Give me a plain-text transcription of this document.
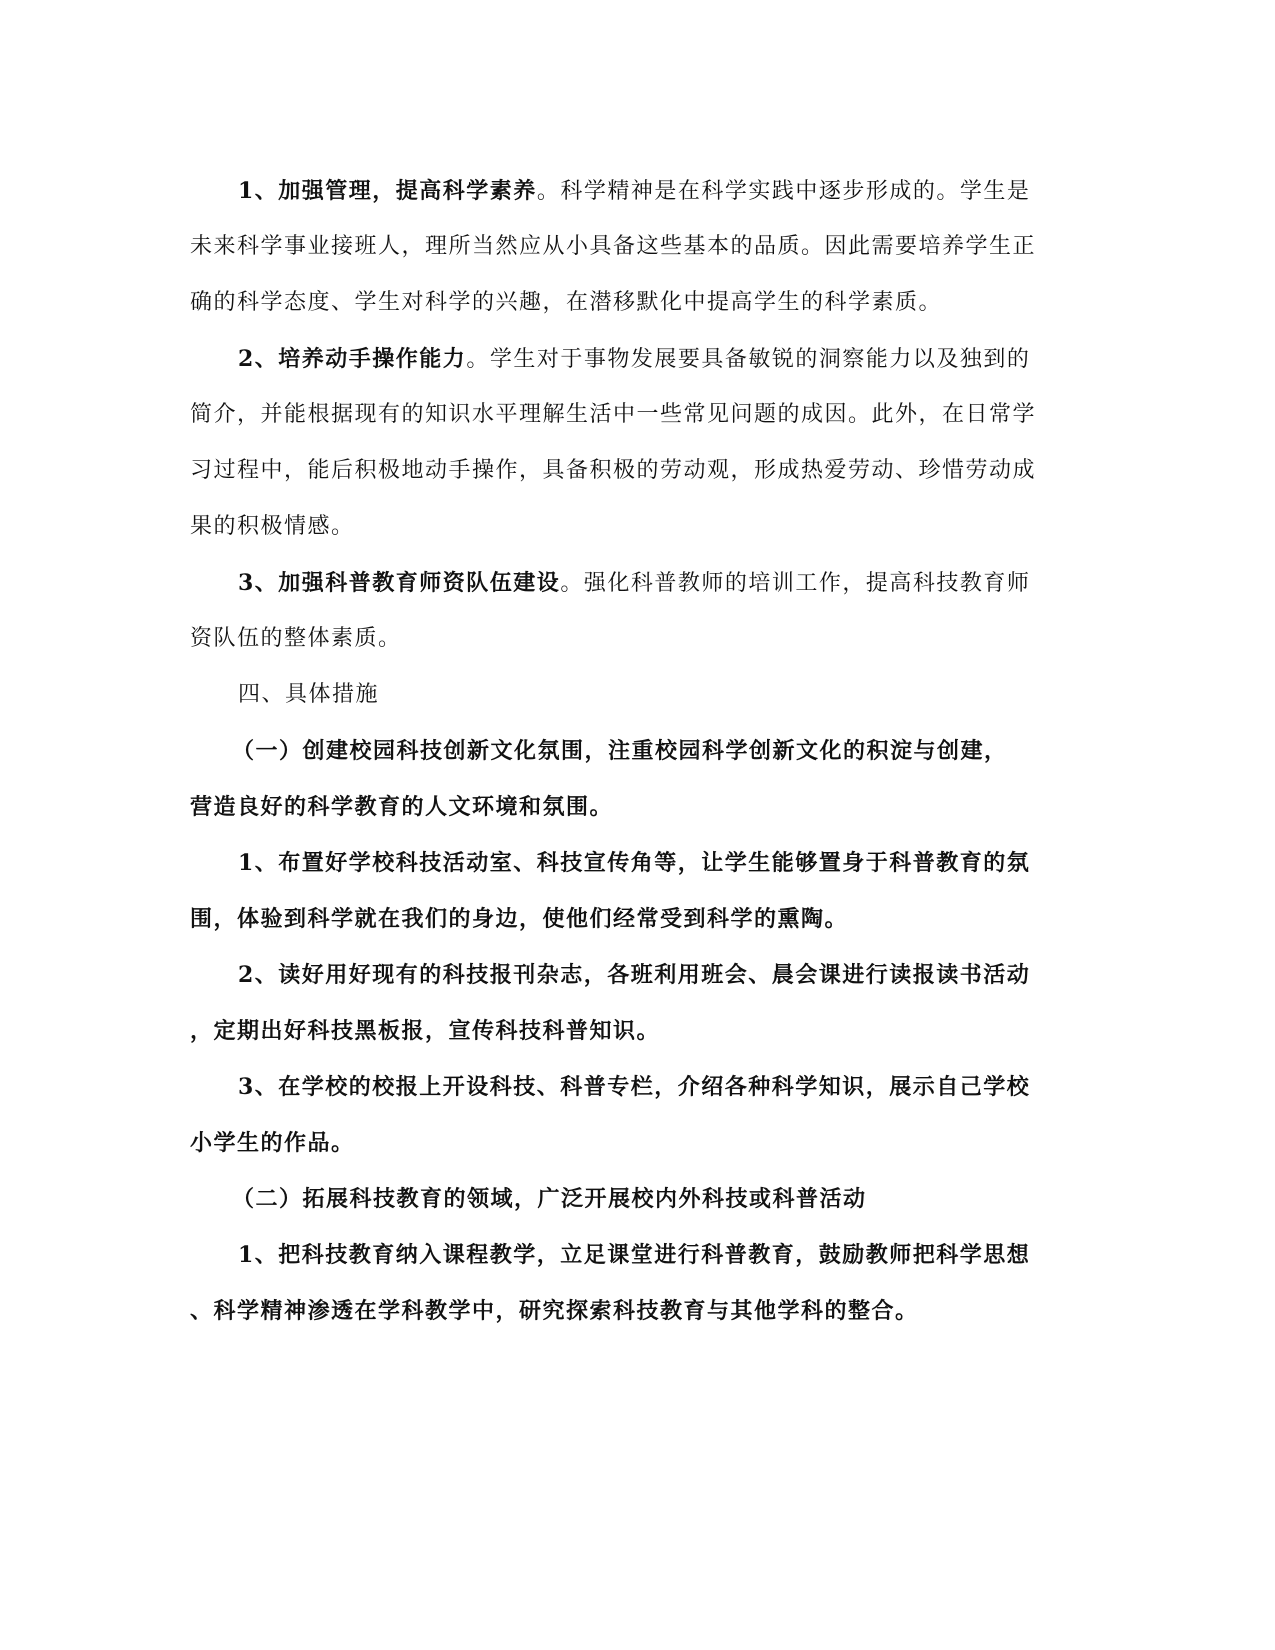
1、加强管理，提高科学素养。科学精神是在科学实践中逐步形成的。学生是
未来科学事业接班人，理所当然应从小具备这些基本的品质。因此需要培养学生正
确的科学态度、学生对科学的兴趣，在潜移默化中提高学生的科学素质。
2、培养动手操作能力。学生对于事物发展要具备敏锐的洞察能力以及独到的
简介，并能根据现有的知识水平理解生活中一些常见问题的成因。此外，在日常学
习过程中，能后积极地动手操作，具备积极的劳动观，形成热爱劳动、珍惜劳动成
果的积极情感。
3、加强科普教育师资队伍建设。强化科普教师的培训工作，提高科技教育师
资队伍的整体素质。
四、具体措施
（一）创建校园科技创新文化氛围，注重校园科学创新文化的积淀与创建，
营造良好的科学教育的人文环境和氛围。
1、布置好学校科技活动室、科技宣传角等，让学生能够置身于科普教育的氛
围，体验到科学就在我们的身边，使他们经常受到科学的熏陶。
2、读好用好现有的科技报刊杂志，各班利用班会、晨会课进行读报读书活动
，定期出好科技黑板报，宣传科技科普知识。
3、在学校的校报上开设科技、科普专栏，介绍各种科学知识，展示自己学校
小学生的作品。
（二）拓展科技教育的领域，广泛开展校内外科技或科普活动
1、把科技教育纳入课程教学，立足课堂进行科普教育，鼓励教师把科学思想
、科学精神渗透在学科教学中，研究探索科技教育与其他学科的整合。
